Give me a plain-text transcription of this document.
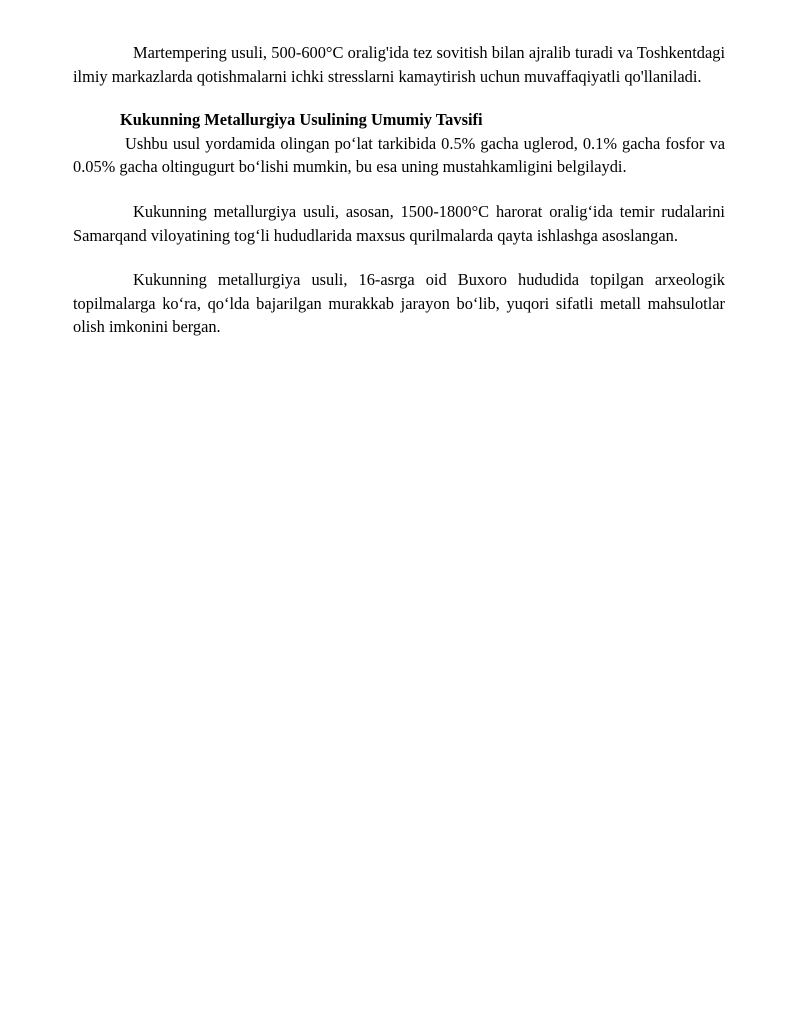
Martempering usuli, 500-600°C oralig'ida tez sovitish bilan ajralib turadi va Toshkentdagi ilmiy markazlarda qotishmalarni ichki stresslarni kamaytirish uchun muvaffaqiyatli qo'llaniladi.

Kukunning Metallurgiya Usulining Umumiy Tavsifi

Ushbu usul yordamida olingan po‘lat tarkibida 0.5% gacha uglerod, 0.1% gacha fosfor va 0.05% gacha oltingugurt bo‘lishi mumkin, bu esa uning mustahkamligini belgilaydi.

Kukunning metallurgiya usuli, asosan, 1500-1800°C harorat oralig‘ida temir rudalarini Samarqand viloyatining tog‘li hududlarida maxsus qurilmalarda qayta ishlashga asoslangan.

Kukunning metallurgiya usuli, 16-asrga oid Buxoro hududida topilgan arxeologik topilmalarga ko‘ra, qo‘lda bajarilgan murakkab jarayon bo‘lib, yuqori sifatli metall mahsulotlar olish imkonini bergan.
